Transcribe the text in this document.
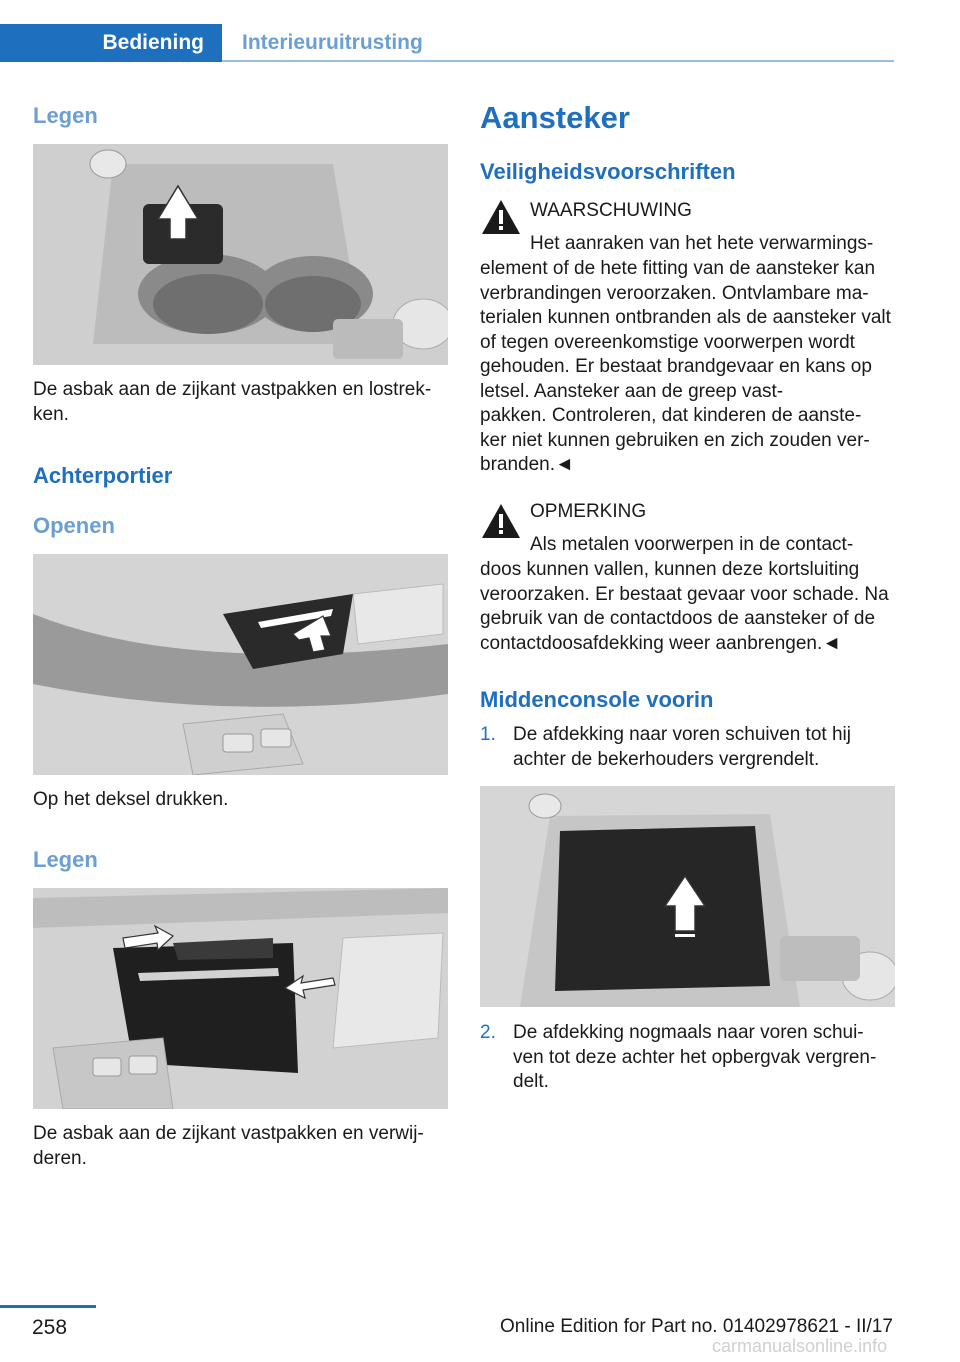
Bediening Interieuruitrusting
Legen
De asbak aan de zijkant vastpakken en lostrek-
ken.
Achterportier
Openen
Op het deksel drukken.
Legen
De asbak aan de zijkant vastpakken en verwij-
deren.
Aansteker
Veiligheidsvoorschriften
WAARSCHUWING
Het aanraken van het hete verwarmings-
element of de hete fitting van de aansteker kan verbrandingen veroorzaken. Ontvlambare ma-
terialen kunnen ontbranden als de aansteker valt of tegen overeenkomstige voorwerpen wordt gehouden. Er bestaat brandgevaar en kans op letsel. Aansteker aan de greep vast-
pakken. Controleren, dat kinderen de aanste-
ker niet kunnen gebruiken en zich zouden ver-
branden.◄
OPMERKING
Als metalen voorwerpen in de contact-
doos kunnen vallen, kunnen deze kortsluiting veroorzaken. Er bestaat gevaar voor schade. Na gebruik van de contactdoos de aansteker of de contactdoosafdekking weer aanbrengen.◄
Middenconsole voorin
1. De afdekking naar voren schuiven tot hij achter de bekerhouders vergrendelt.
2. De afdekking nogmaals naar voren schui-
ven tot deze achter het opbergvak vergren-
delt.
258	Online Edition for Part no. 01402978621 - II/17
carmanualsonline.info
